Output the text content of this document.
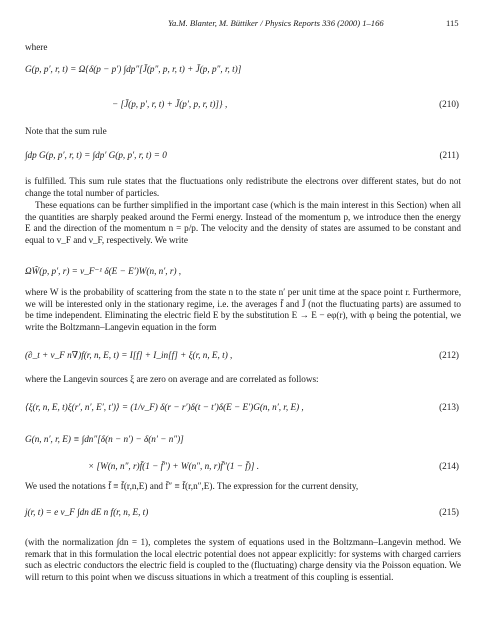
Ya.M. Blanter, M. Büttiker / Physics Reports 336 (2000) 1–166	115
where
G(p, p′, r, t) = Ω{δ(p − p′) ∫dp″[J̄(p″, p, r, t) + J̄(p, p″, r, t)]
− [J̄(p, p′, r, t) + J̄(p′, p, r, t)]} ,	(210)
Note that the sum rule
∫dp G(p, p′, r, t) = ∫dp′ G(p, p′, r, t) = 0	(211)
is fulfilled. This sum rule states that the fluctuations only redistribute the electrons over different states, but do not change the total number of particles.
These equations can be further simplified in the important case (which is the main interest in this Section) when all the quantities are sharply peaked around the Fermi energy. Instead of the momentum p, we introduce then the energy E and the direction of the momentum n = p/p. The velocity and the density of states are assumed to be constant and equal to v_F and ν_F, respectively. We write
ΩW̃(p, p′, r) = ν_F⁻¹ δ(E − E′)W(n, n′, r) ,
where W is the probability of scattering from the state n to the state n′ per unit time at the space point r. Furthermore, we will be interested only in the stationary regime, i.e. the averages f̄ and J̄ (not the fluctuating parts) are assumed to be time independent. Eliminating the electric field E by the substitution E → E − eφ(r), with φ being the potential, we write the Boltzmann–Langevin equation in the form
(∂_t + v_F n∇)f(r, n, E, t) = I[f] + I_in[f] + ξ(r, n, E, t) ,	(212)
where the Langevin sources ξ are zero on average and are correlated as follows:
⟨ξ(r, n, E, t)ξ(r′, n′, E′, t′)⟩ = (1/ν_F) δ(r − r′)δ(t − t′)δ(E − E′)G(n, n′, r, E) ,	(213)
G(n, n′, r, E) ≡ ∫dn″[δ(n − n′) − δ(n′ − n″)]
× [W(n, n″, r)f̄(1 − f̄″) + W(n″, n, r)f̄″(1 − f̄)] .	(214)
We used the notations f̄ ≡ f̄(r,n,E) and f̄″ ≡ f̄(r,n″,E). The expression for the current density,
j(r, t) = e v_F ∫dn dE n f(r, n, E, t)	(215)
(with the normalization ∫dn = 1), completes the system of equations used in the Boltzmann–Langevin method. We remark that in this formulation the local electric potential does not appear explicitly: for systems with charged carriers such as electric conductors the electric field is coupled to the (fluctuating) charge density via the Poisson equation. We will return to this point when we discuss situations in which a treatment of this coupling is essential.
